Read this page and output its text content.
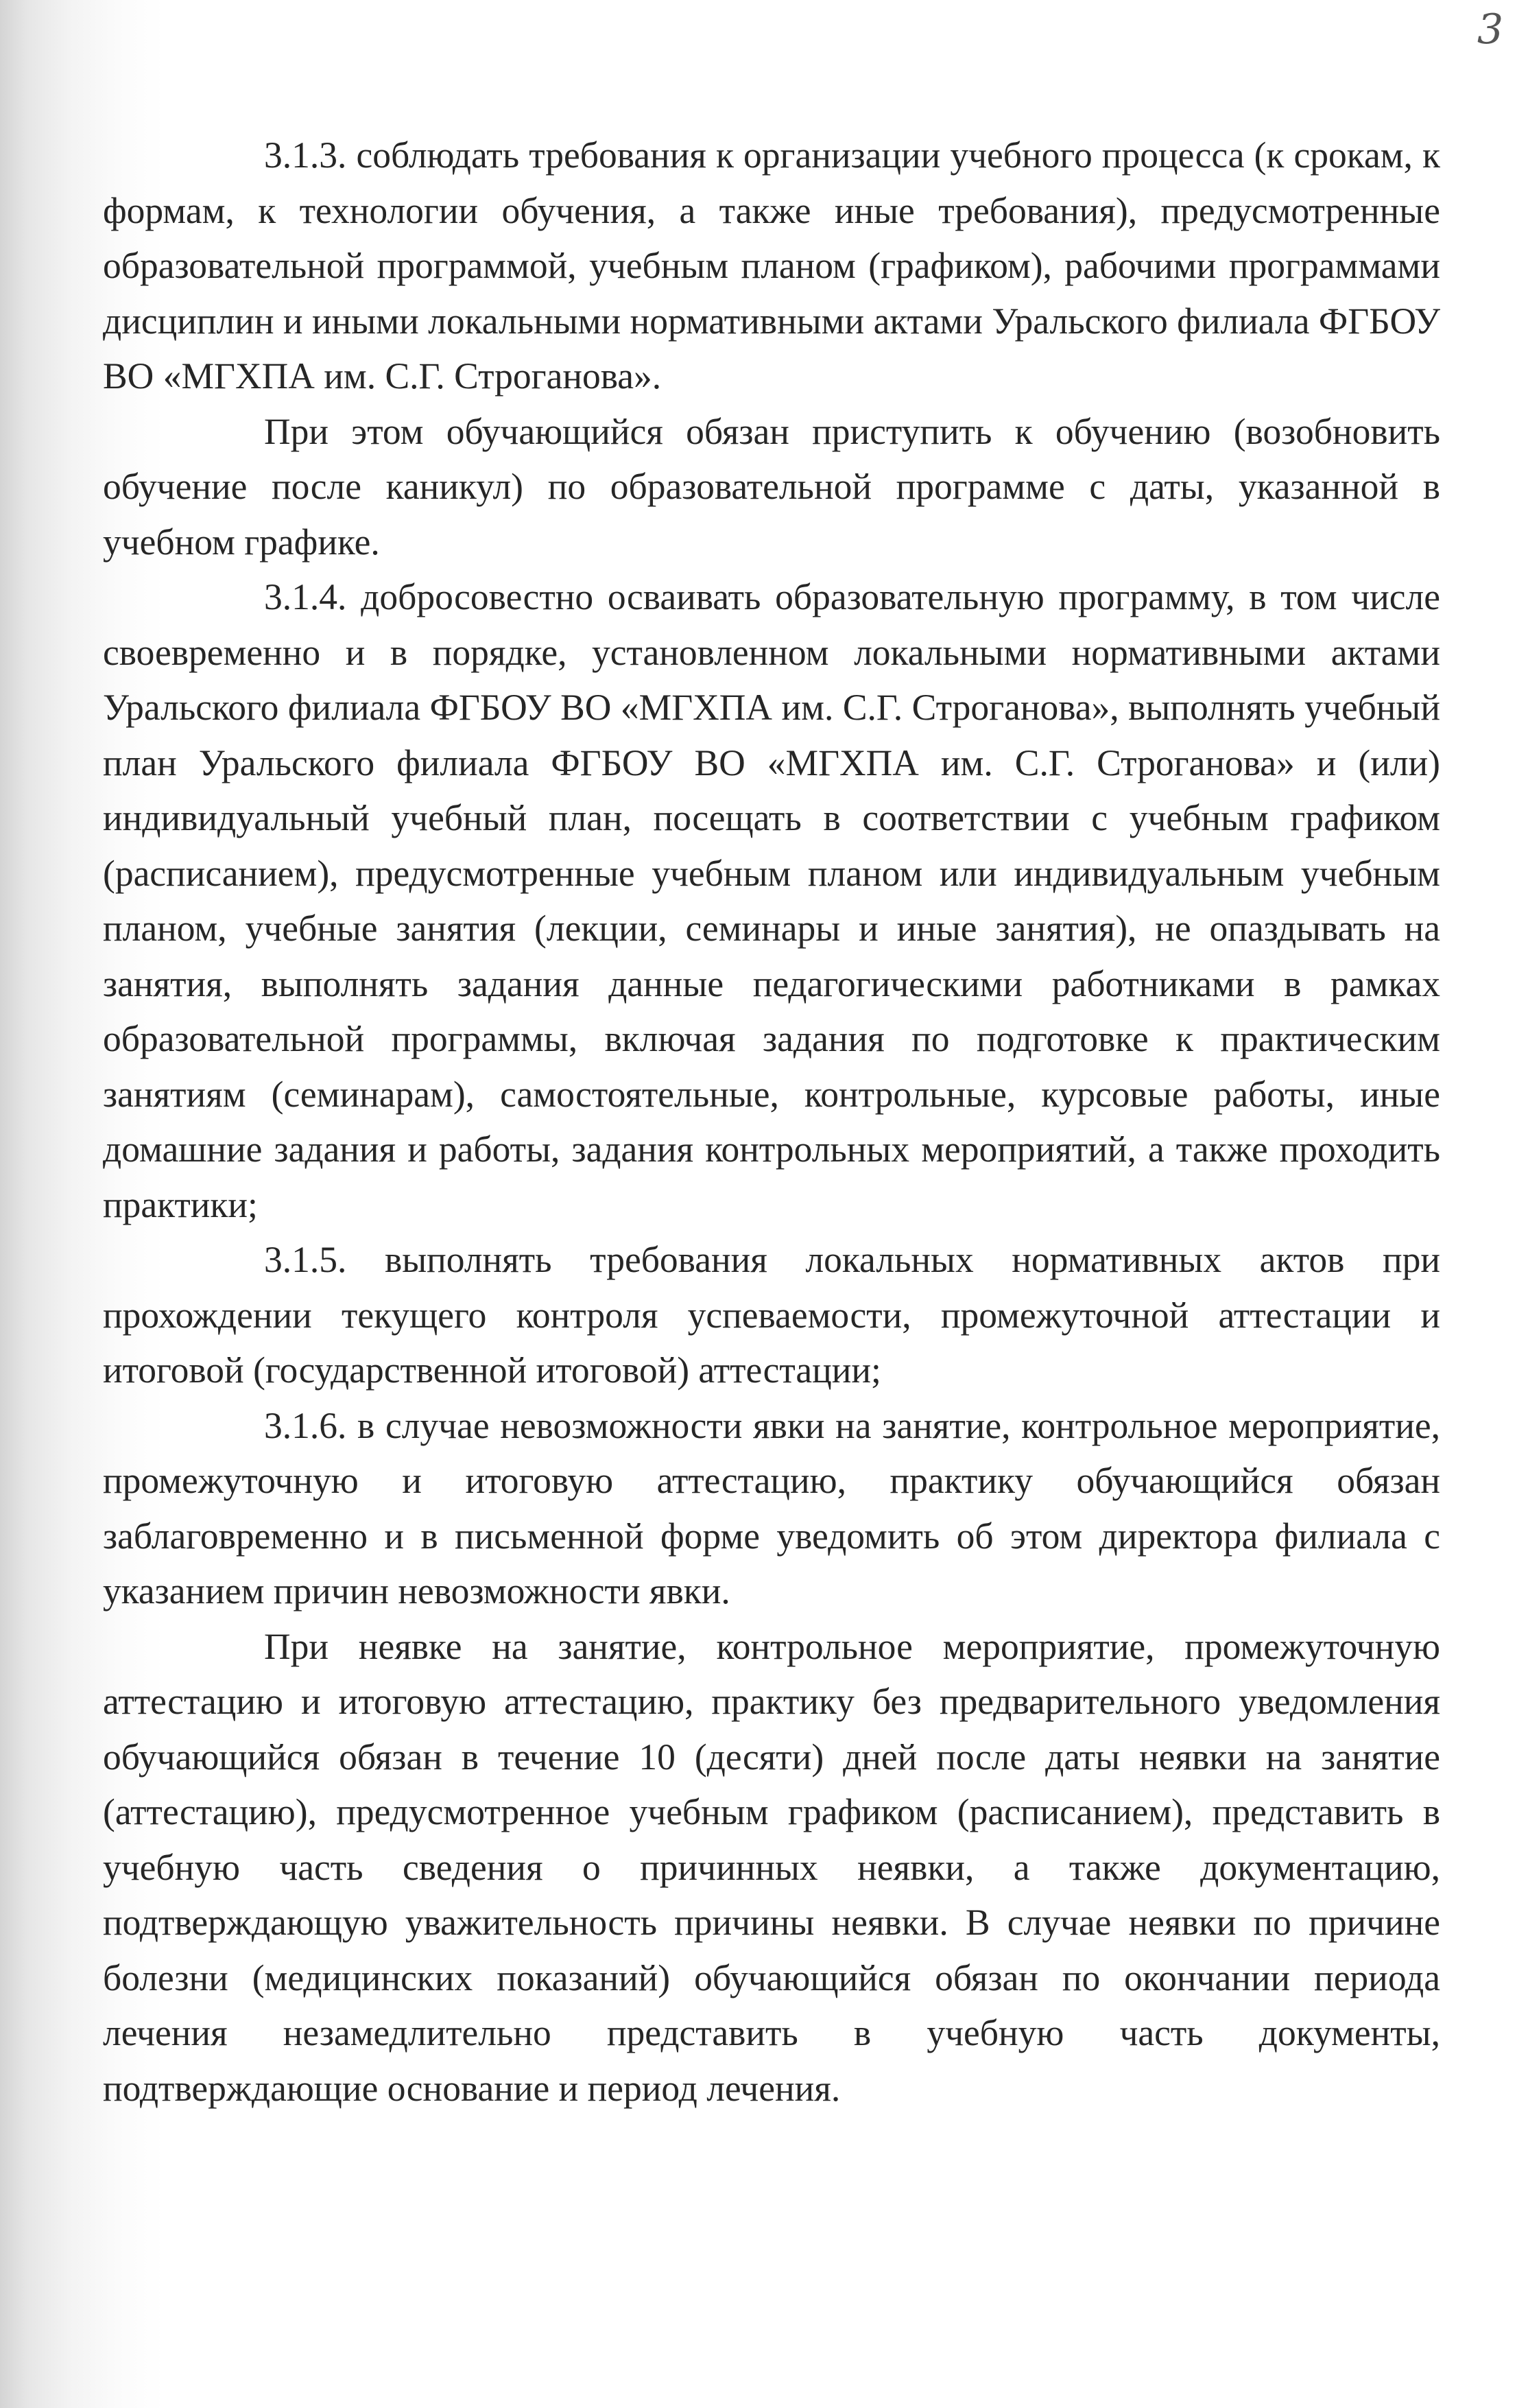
3

3.1.3. соблюдать требования к организации учебного процесса (к срокам, к формам, к технологии обучения, а также иные требования), предусмотренные образовательной программой, учебным планом (графиком), рабочими программами дисциплин и иными локальными нормативными актами Уральского филиала ФГБОУ ВО «МГХПА им. С.Г. Строганова».

При этом обучающийся обязан приступить к обучению (возобновить обучение после каникул) по образовательной программе с даты, указанной в учебном графике.

3.1.4. добросовестно осваивать образовательную программу, в том числе своевременно и в порядке, установленном локальными нормативными актами Уральского филиала ФГБОУ ВО «МГХПА им. С.Г. Строганова», выполнять учебный план Уральского филиала ФГБОУ ВО «МГХПА им. С.Г. Строганова» и (или) индивидуальный учебный план, посещать в соответствии с учебным графиком (расписанием), предусмотренные учебным планом или индивидуальным учебным планом, учебные занятия (лекции, семинары и иные занятия), не опаздывать на занятия, выполнять задания данные педагогическими работниками в рамках образовательной программы, включая задания по подготовке к практическим занятиям (семинарам), самостоятельные, контрольные, курсовые работы, иные домашние задания и работы, задания контрольных мероприятий, а также проходить практики;

3.1.5. выполнять требования локальных нормативных актов при прохождении текущего контроля успеваемости, промежуточной аттестации и итоговой (государственной итоговой) аттестации;

3.1.6. в случае невозможности явки на занятие, контрольное мероприятие, промежуточную и итоговую аттестацию, практику обучающийся обязан заблаговременно и в письменной форме уведомить об этом директора филиала с указанием причин невозможности явки.

При неявке на занятие, контрольное мероприятие, промежуточную аттестацию и итоговую аттестацию, практику без предварительного уведомления обучающийся обязан в течение 10 (десяти) дней после даты неявки на занятие (аттестацию), предусмотренное учебным графиком (расписанием), представить в учебную часть сведения о причинных неявки, а также документацию, подтверждающую уважительность причины неявки. В случае неявки по причине болезни (медицинских показаний) обучающийся обязан по окончании периода лечения незамедлительно представить в учебную часть документы, подтверждающие основание и период лечения.
